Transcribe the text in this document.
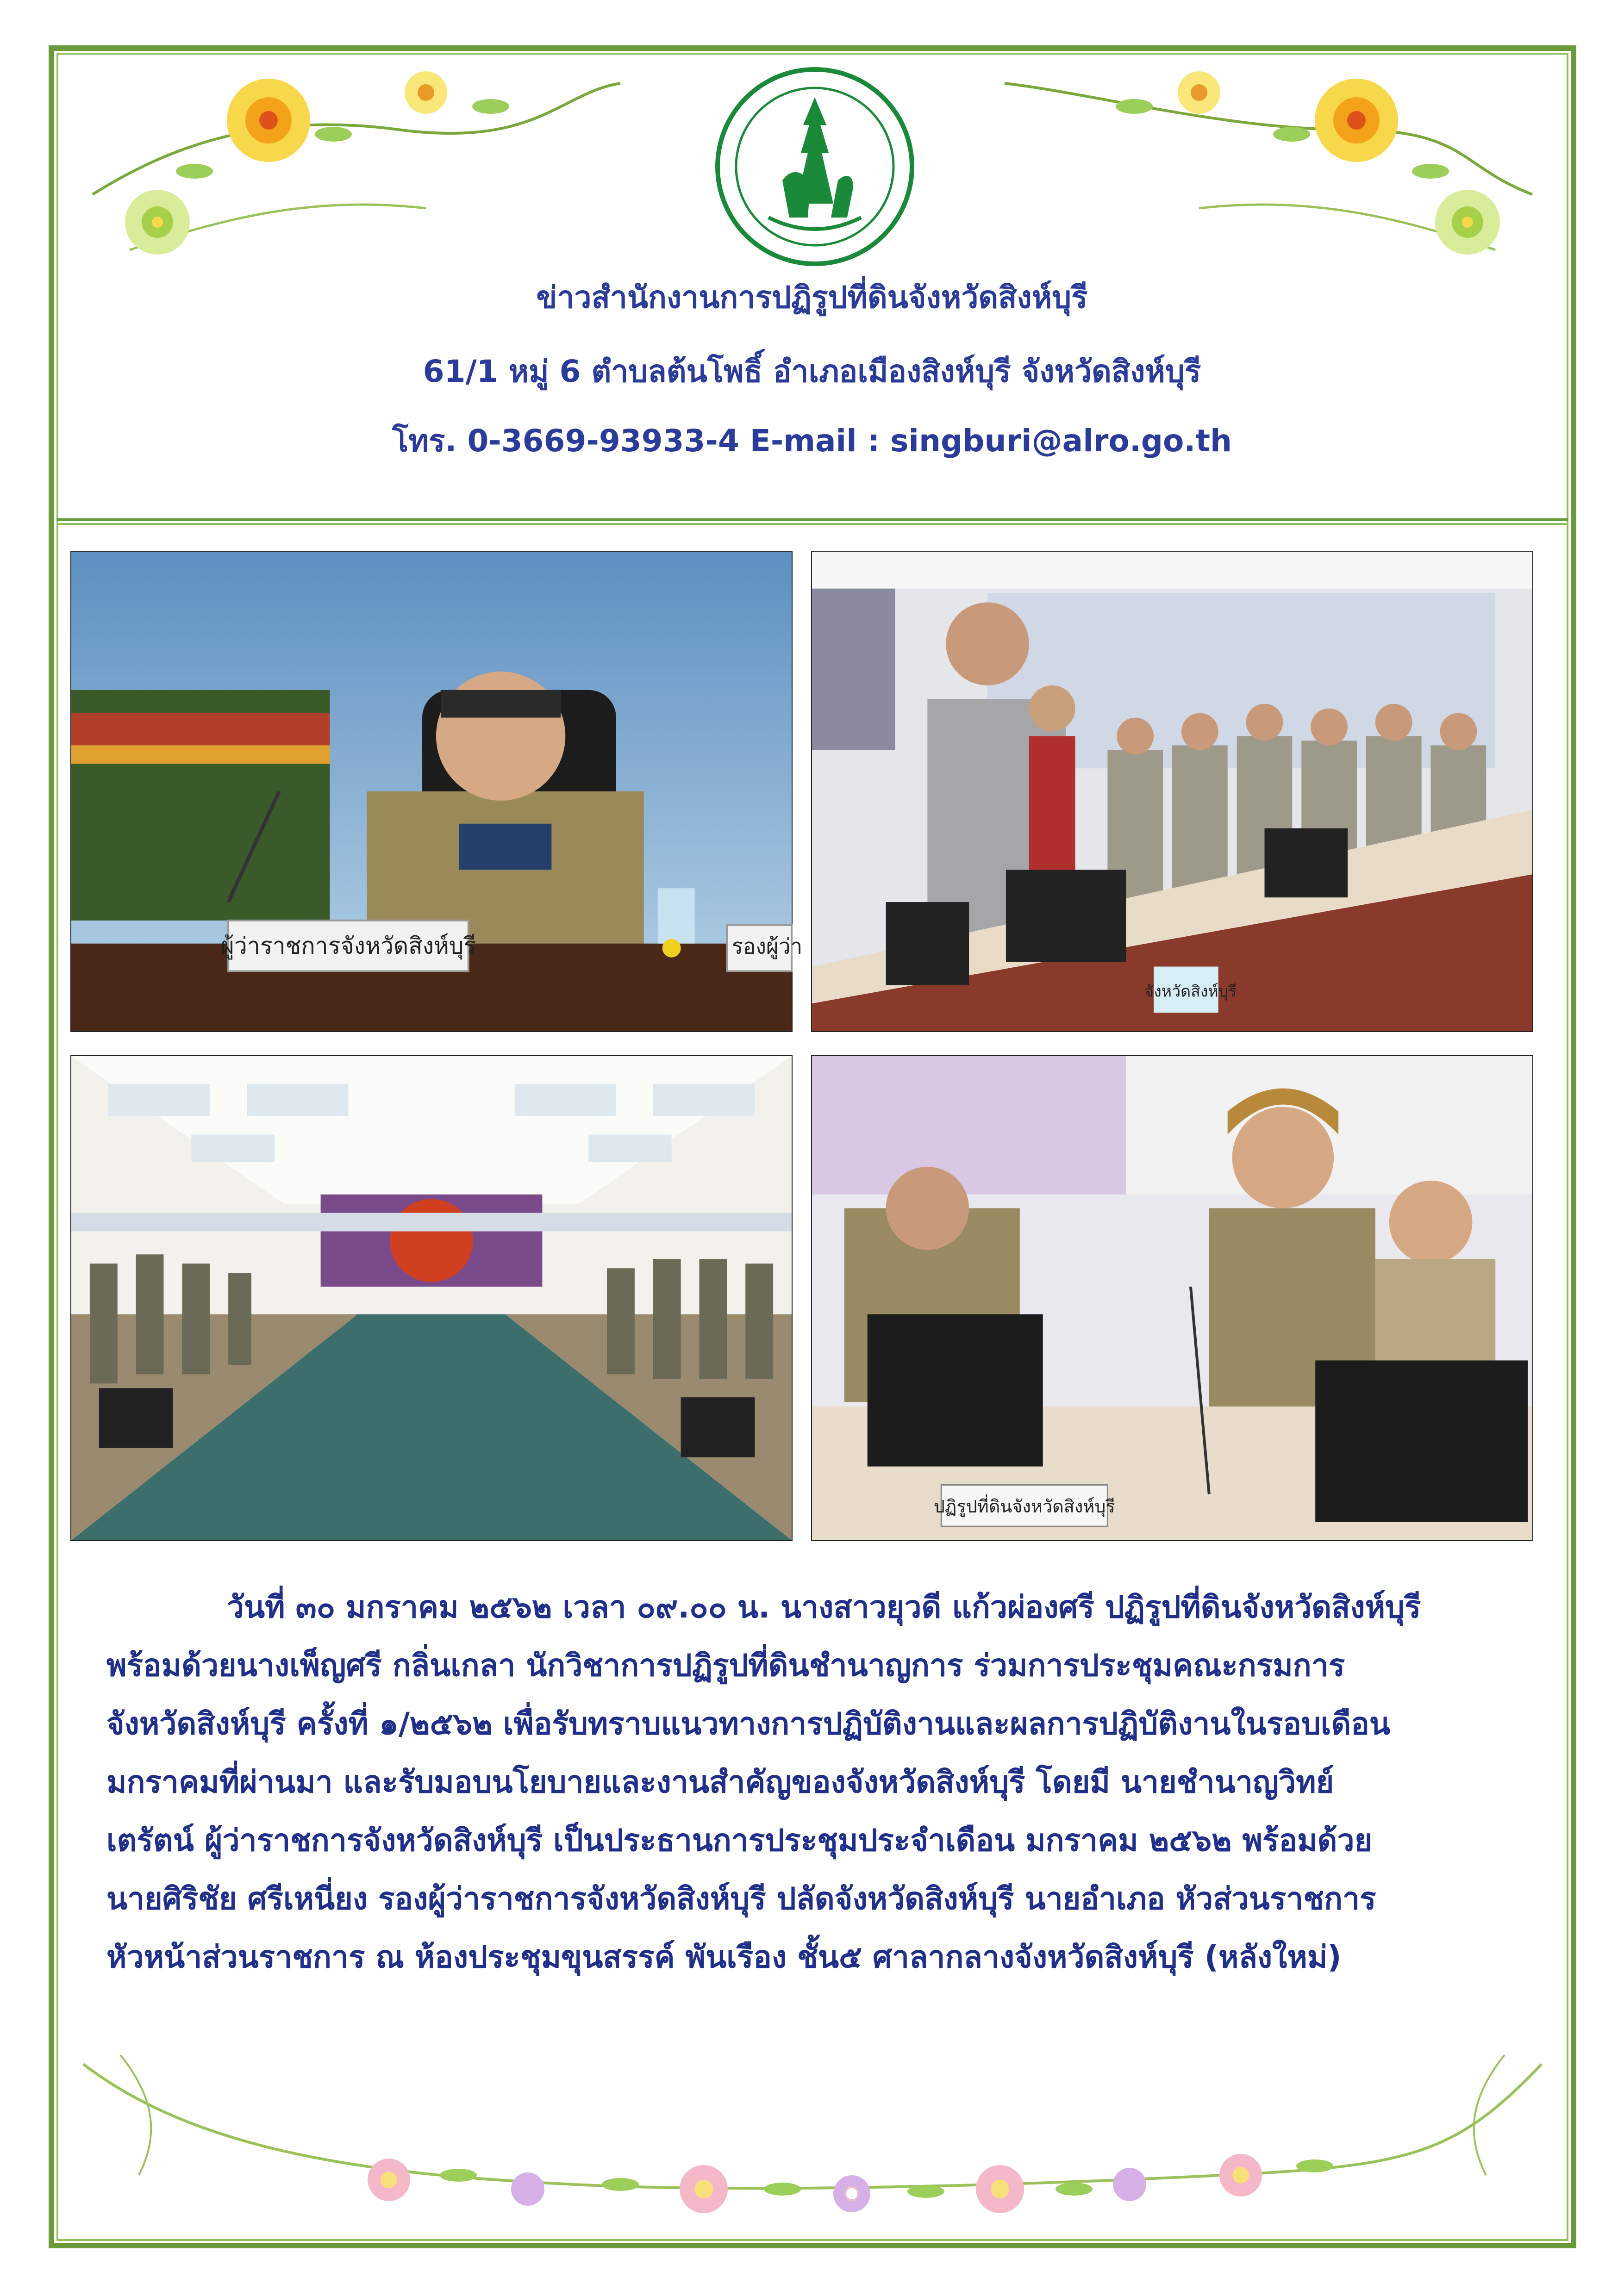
ข่าวสำนักงานการปฏิรูปที่ดินจังหวัดสิงห์บุรี
61/1 หมู่ 6 ตำบลต้นโพธิ์ อำเภอเมืองสิงห์บุรี จังหวัดสิงห์บุรี
โทร. 0-3669-93933-4 E-mail : singburi@alro.go.th
ผู้ว่าราชการจังหวัดสิงห์บุรี	รองผู้ว่า
จังหวัดสิงห์บุรี
ปฏิรูปที่ดินจังหวัดสิงห์บุรี

วันที่ ๓๐ มกราคม ๒๕๖๒ เวลา ๐๙.๐๐ น. นางสาวยุวดี แก้วผ่องศรี ปฏิรูปที่ดินจังหวัดสิงห์บุรี

พร้อมด้วยนางเพ็ญศรี กลิ่นเกลา นักวิชาการปฏิรูปที่ดินชำนาญการ ร่วมการประชุมคณะกรมการ

จังหวัดสิงห์บุรี ครั้งที่ ๑/๒๕๖๒ เพื่อรับทราบแนวทางการปฏิบัติงานและผลการปฏิบัติงานในรอบเดือน

มกราคมที่ผ่านมา และรับมอบนโยบายและงานสำคัญของจังหวัดสิงห์บุรี โดยมี นายชำนาญวิทย์

เตรัตน์ ผู้ว่าราชการจังหวัดสิงห์บุรี เป็นประธานการประชุมประจำเดือน มกราคม ๒๕๖๒ พร้อมด้วย

นายศิริชัย ศรีเหนี่ยง รองผู้ว่าราชการจังหวัดสิงห์บุรี ปลัดจังหวัดสิงห์บุรี นายอำเภอ หัวส่วนราชการ

หัวหน้าส่วนราชการ ณ ห้องประชุมขุนสรรค์ พันเรือง ชั้น๕ ศาลากลางจังหวัดสิงห์บุรี (หลังใหม่)
